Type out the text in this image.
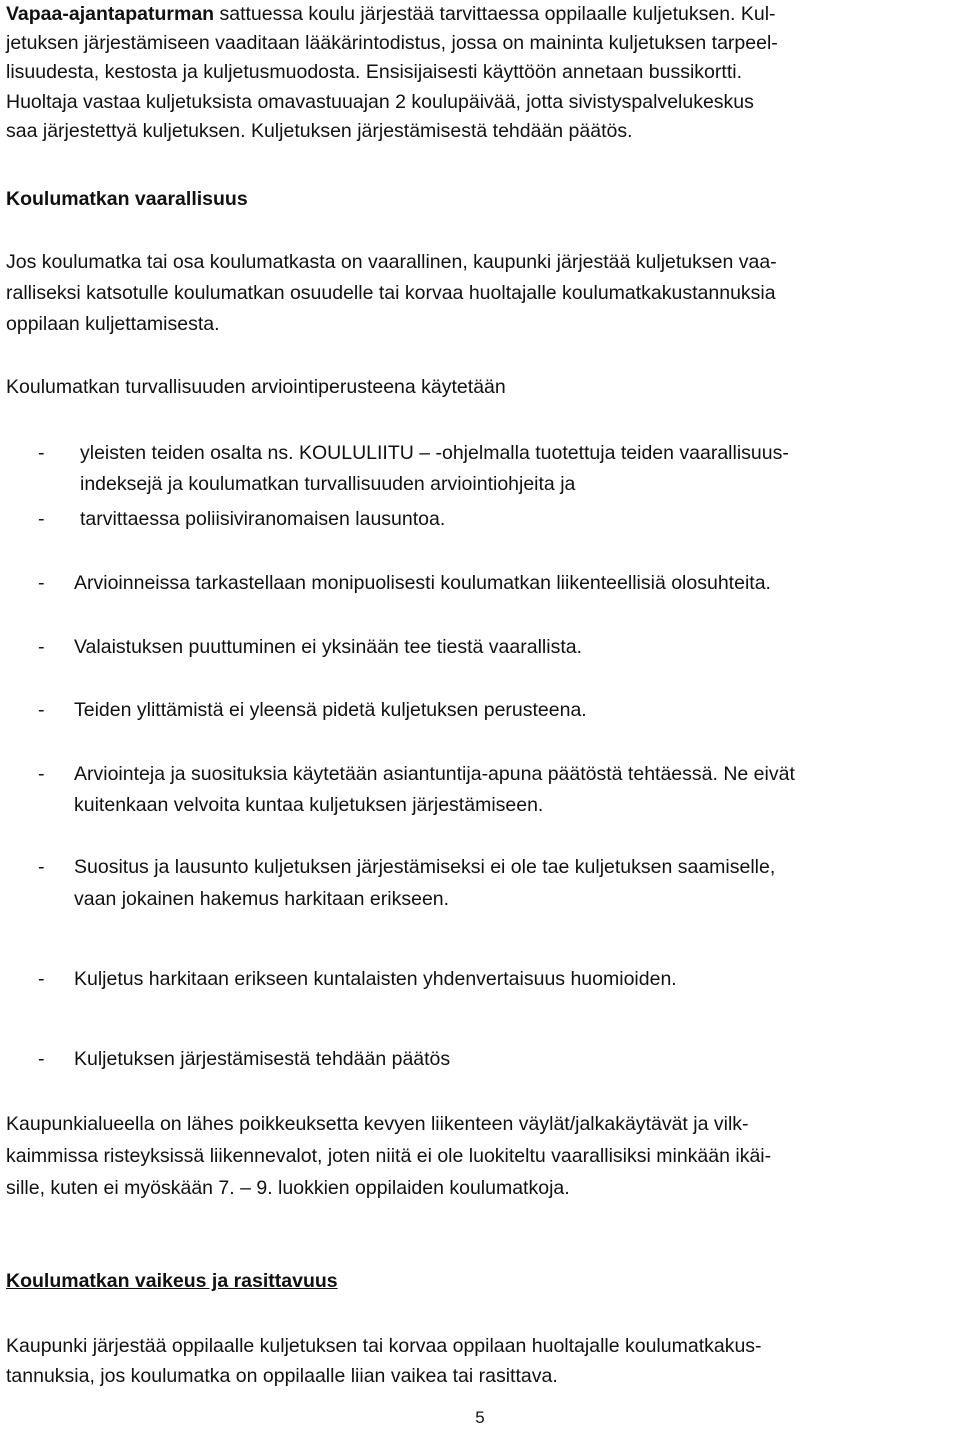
Vapaa-ajantapaturman sattuessa koulu järjestää tarvittaessa oppilaalle kuljetuksen. Kul-
jetuksen järjestämiseen vaaditaan lääkärintodistus, jossa on maininta kuljetuksen tarpeel-
lisuudesta, kestosta ja kuljetusmuodosta. Ensisijaisesti käyttöön annetaan bussikortti.
Huoltaja vastaa kuljetuksista omavastuuajan 2 koulupäivää, jotta sivistyspalvelukeskus
saa järjestettyä kuljetuksen. Kuljetuksen järjestämisestä tehdään päätös.
Koulumatkan vaarallisuus
Jos koulumatka tai osa koulumatkasta on vaarallinen, kaupunki järjestää kuljetuksen vaa-
ralliseksi katsotulle koulumatkan osuudelle tai korvaa huoltajalle koulumatkakustannuksia
oppilaan kuljettamisesta.
Koulumatkan turvallisuuden arviointiperusteena käytetään
- yleisten teiden osalta ns. KOULULIITU – -ohjelmalla tuotettuja teiden vaarallisuus-
indeksejä ja koulumatkan turvallisuuden arviointiohjeita ja
- tarvittaessa poliisiviranomaisen lausuntoa.
- Arvioinneissa tarkastellaan monipuolisesti koulumatkan liikenteellisiä olosuhteita.
- Valaistuksen puuttuminen ei yksinään tee tiestä vaarallista.
- Teiden ylittämistä ei yleensä pidetä kuljetuksen perusteena.
- Arviointeja ja suosituksia käytetään asiantuntija-apuna päätöstä tehtäessä. Ne eivät
kuitenkaan velvoita kuntaa kuljetuksen järjestämiseen.
- Suositus ja lausunto kuljetuksen järjestämiseksi ei ole tae kuljetuksen saamiselle,
vaan jokainen hakemus harkitaan erikseen.
- Kuljetus harkitaan erikseen kuntalaisten yhdenvertaisuus huomioiden.
- Kuljetuksen järjestämisestä tehdään päätös
Kaupunkialueella on lähes poikkeuksetta kevyen liikenteen väylät/jalkakäytävät ja vilk-
kaimmissa risteyksissä liikennevalot, joten niitä ei ole luokiteltu vaarallisiksi minkään ikäi-
sille, kuten ei myöskään 7. – 9. luokkien oppilaiden koulumatkoja.
Koulumatkan vaikeus ja rasittavuus
Kaupunki järjestää oppilaalle kuljetuksen tai korvaa oppilaan huoltajalle koulumatkakus-
tannuksia, jos koulumatka on oppilaalle liian vaikea tai rasittava.
5
